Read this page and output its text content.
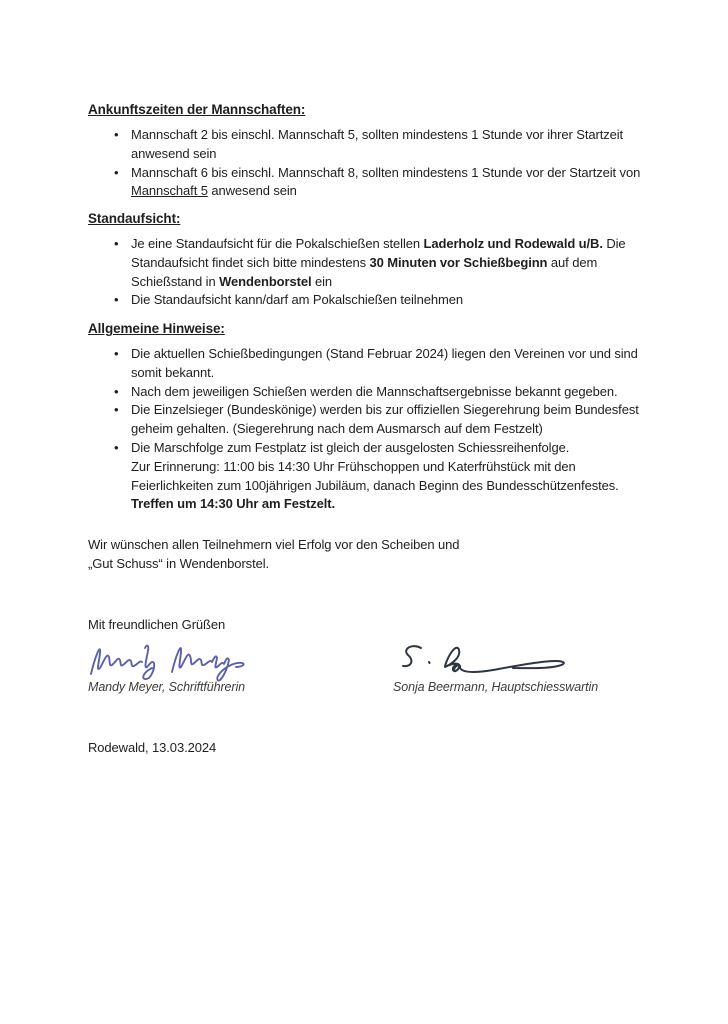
Ankunftszeiten der Mannschaften:
• Mannschaft 2 bis einschl. Mannschaft 5, sollten mindestens 1 Stunde vor ihrer Startzeit
anwesend sein
• Mannschaft 6 bis einschl. Mannschaft 8, sollten mindestens 1 Stunde vor der Startzeit von
Mannschaft 5 anwesend sein
Standaufsicht:
• Je eine Standaufsicht für die Pokalschießen stellen Laderholz und Rodewald u/B. Die
Standaufsicht findet sich bitte mindestens 30 Minuten vor Schießbeginn auf dem
Schießstand in Wendenborstel ein
• Die Standaufsicht kann/darf am Pokalschießen teilnehmen
Allgemeine Hinweise:
• Die aktuellen Schießbedingungen (Stand Februar 2024) liegen den Vereinen vor und sind
somit bekannt.
• Nach dem jeweiligen Schießen werden die Mannschaftsergebnisse bekannt gegeben.
• Die Einzelsieger (Bundeskönige) werden bis zur offiziellen Siegerehrung beim Bundesfest
geheim gehalten. (Siegerehrung nach dem Ausmarsch auf dem Festzelt)
• Die Marschfolge zum Festplatz ist gleich der ausgelosten Schiessreihenfolge.
Zur Erinnerung: 11:00 bis 14:30 Uhr Frühschoppen und Katerfrühstück mit den
Feierlichkeiten zum 100jährigen Jubiläum, danach Beginn des Bundesschützenfestes.
Treffen um 14:30 Uhr am Festzelt.
Wir wünschen allen Teilnehmern viel Erfolg vor den Scheiben und
„Gut Schuss“ in Wendenborstel.
Mit freundlichen Grüßen
Mandy Meyer, Schriftführerin	Sonja Beermann, Hauptschiesswartin
Rodewald, 13.03.2024
